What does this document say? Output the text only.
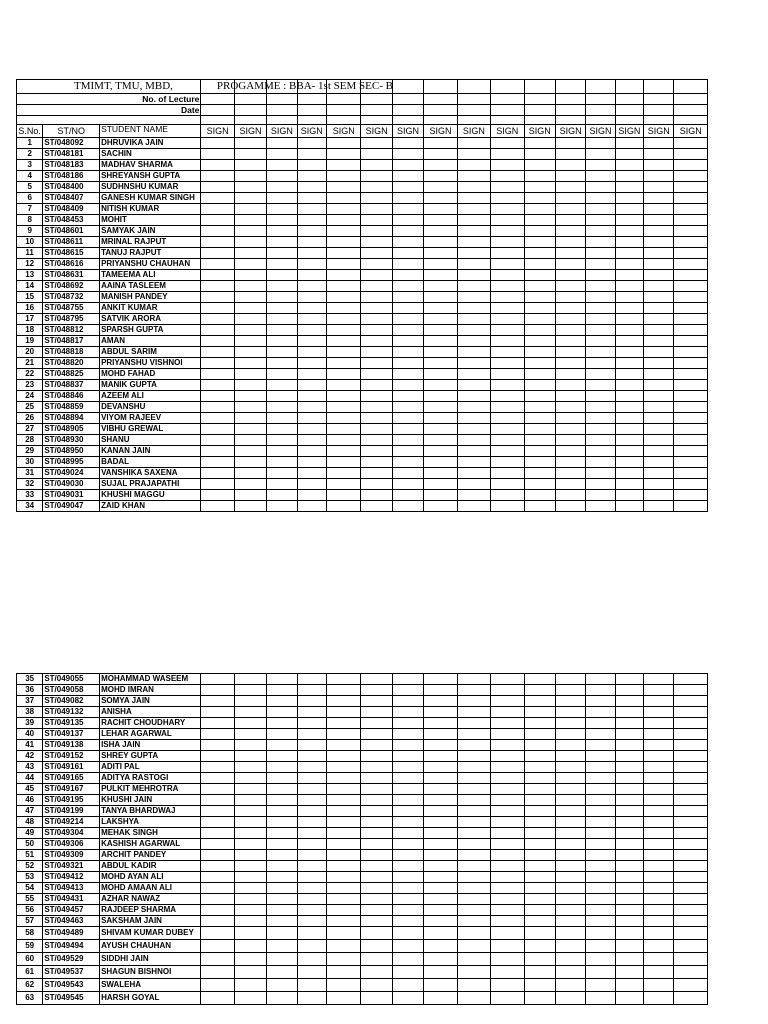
TMIMT, TMU, MBD, PROGAMME : BBA- 1st SEM SEC- B																		
No. of Lecture																		
Date																		

S.No.	ST/NO	STUDENT NAME	SIGN	SIGN	SIGN	SIGN	SIGN	SIGN	SIGN	SIGN	SIGN	SIGN	SIGN	SIGN	SIGN	SIGN	SIGN	SIGN
1	ST/048092	DHRUVIKA JAIN																
2	ST/048181	SACHIN																
3	ST/048183	MADHAV SHARMA																
4	ST/048186	SHREYANSH GUPTA																
5	ST/048400	SUDHNSHU KUMAR																
6	ST/048407	GANESH KUMAR SINGH																
7	ST/048409	NITISH KUMAR																
8	ST/048453	MOHIT																
9	ST/048601	SAMYAK JAIN																
10	ST/048611	MRINAL RAJPUT																
11	ST/048615	TANUJ RAJPUT																
12	ST/048616	PRIYANSHU CHAUHAN																
13	ST/048631	TAMEEMA ALI																
14	ST/048692	AAINA TASLEEM																
15	ST/048732	MANISH PANDEY																
16	ST/048755	ANKIT KUMAR																
17	ST/048795	SATVIK ARORA																
18	ST/048812	SPARSH GUPTA																
19	ST/048817	AMAN																
20	ST/048818	ABDUL SARIM																
21	ST/048820	PRIYANSHU VISHNOI																
22	ST/048825	MOHD FAHAD																
23	ST/048837	MANIK GUPTA																
24	ST/048846	AZEEM ALI																
25	ST/048859	DEVANSHU																
26	ST/048894	VIYOM RAJEEV																
27	ST/048905	VIBHU GREWAL																
28	ST/048930	SHANU																
29	ST/048950	KANAN JAIN																
30	ST/048995	BADAL																
31	ST/049024	VANSHIKA SAXENA																
32	ST/049030	SUJAL PRAJAPATHI																
33	ST/049031	KHUSHI MAGGU																
34	ST/049047	ZAID KHAN																
35	ST/049055	MOHAMMAD WASEEM																
36	ST/049058	MOHD IMRAN																
37	ST/049082	SOMYA JAIN																
38	ST/049132	ANISHA																
39	ST/049135	RACHIT CHOUDHARY																
40	ST/049137	LEHAR AGARWAL																
41	ST/049138	ISHA JAIN																
42	ST/049152	SHREY GUPTA																
43	ST/049161	ADITI PAL																
44	ST/049165	ADITYA RASTOGI																
45	ST/049167	PULKIT MEHROTRA																
46	ST/049195	KHUSHI JAIN																
47	ST/049199	TANYA BHARDWAJ																
48	ST/049214	LAKSHYA																
49	ST/049304	MEHAK SINGH																
50	ST/049306	KASHISH AGARWAL																
51	ST/049309	ARCHIT PANDEY																
52	ST/049321	ABDUL KADIR																
53	ST/049412	MOHD AYAN ALI																
54	ST/049413	MOHD AMAAN ALI																
55	ST/049431	AZHAR NAWAZ																
56	ST/049457	RAJDEEP SHARMA																
57	ST/049463	SAKSHAM JAIN																
58	ST/049489	SHIVAM KUMAR DUBEY																
59	ST/049494	AYUSH CHAUHAN																
60	ST/049529	SIDDHI JAIN																
61	ST/049537	SHAGUN BISHNOI																
62	ST/049543	SWALEHA																
63	ST/049545	HARSH GOYAL																
